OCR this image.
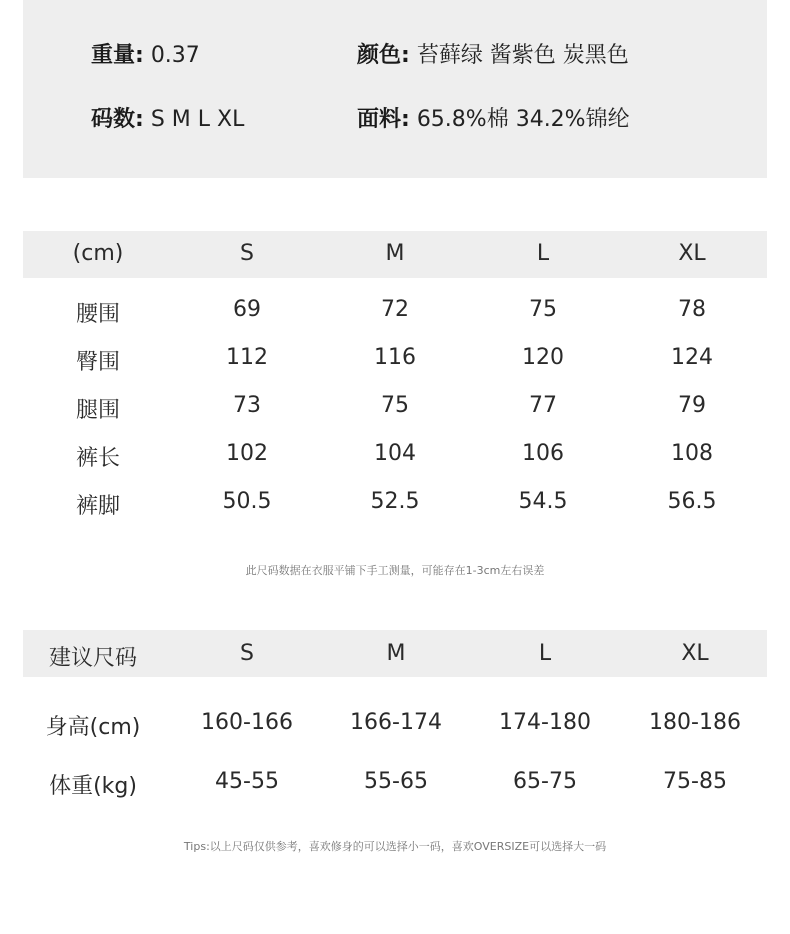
重量: 0.37	颜色: 苔藓绿 酱紫色 炭黑色
码数: S M L XL	面料: 65.8%棉 34.2%锦纶
(cm)	S	M	L	XL
腰围	69	72	75	78
臀围	112	116	120	124
腿围	73	75	77	79
裤长	102	104	106	108
裤脚	50.5	52.5	54.5	56.5
此尺码数据在衣服平铺下手工测量，可能存在1-3cm左右误差
建议尺码	S	M	L	XL
身高(cm)	160-166	166-174	174-180	180-186
体重(kg)	45-55	55-65	65-75	75-85
Tips:以上尺码仅供参考，喜欢修身的可以选择小一码，喜欢OVERSIZE可以选择大一码
